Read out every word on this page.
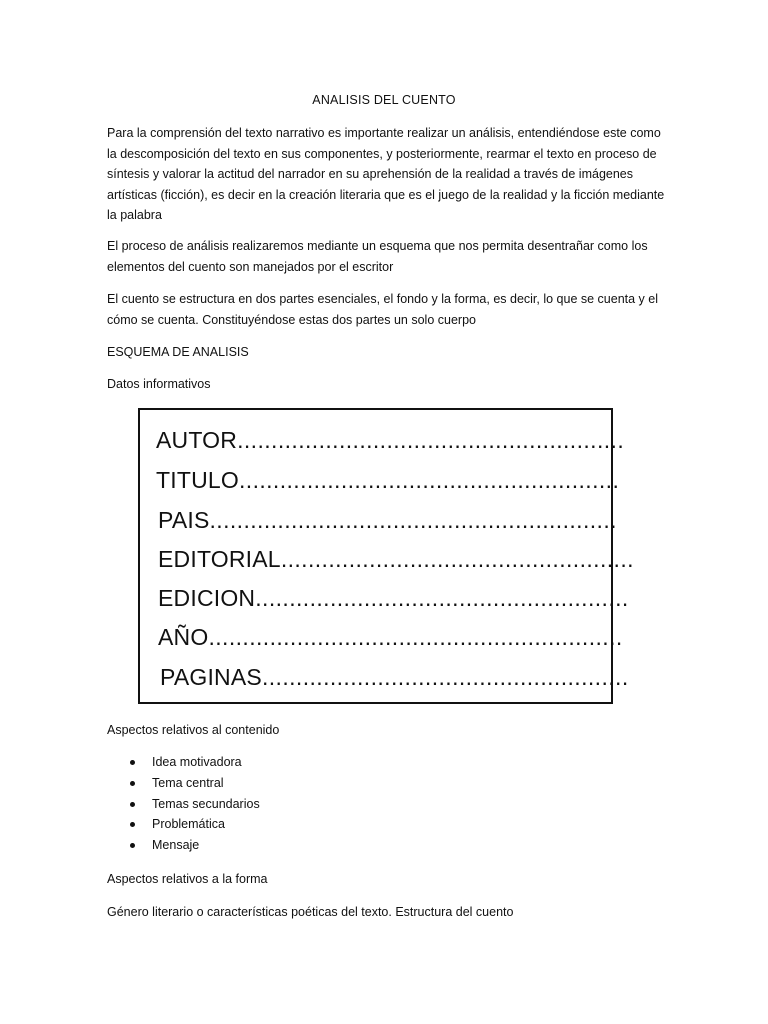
ANALISIS DEL CUENTO

Para la comprensión del texto narrativo es importante realizar un análisis, entendiéndose este como la descomposición del texto en sus componentes, y posteriormente, rearmar el texto en proceso de síntesis y valorar la actitud del narrador en su aprehensión de la realidad a través de imágenes artísticas (ficción), es decir en la creación literaria que es el juego de la realidad y la ficción mediante la palabra

El proceso de análisis realizaremos mediante un esquema que nos permita desentrañar como los elementos del cuento son manejados por el escritor

El cuento se estructura en dos partes esenciales, el fondo y la forma, es decir, lo que se cuenta y el cómo se cuenta. Constituyéndose estas dos partes un solo cuerpo

ESQUEMA DE ANALISIS
Datos informativos
AUTOR.........................................................
TITULO........................................................
PAIS............................................................
EDITORIAL....................................................
EDICION.......................................................
AÑO.............................................................
PAGINAS......................................................
Aspectos relativos al contenido
Idea motivadora
Tema central
Temas secundarios
Problemática
Mensaje
Aspectos relativos a la forma
Género literario o características poéticas del texto. Estructura del cuento
